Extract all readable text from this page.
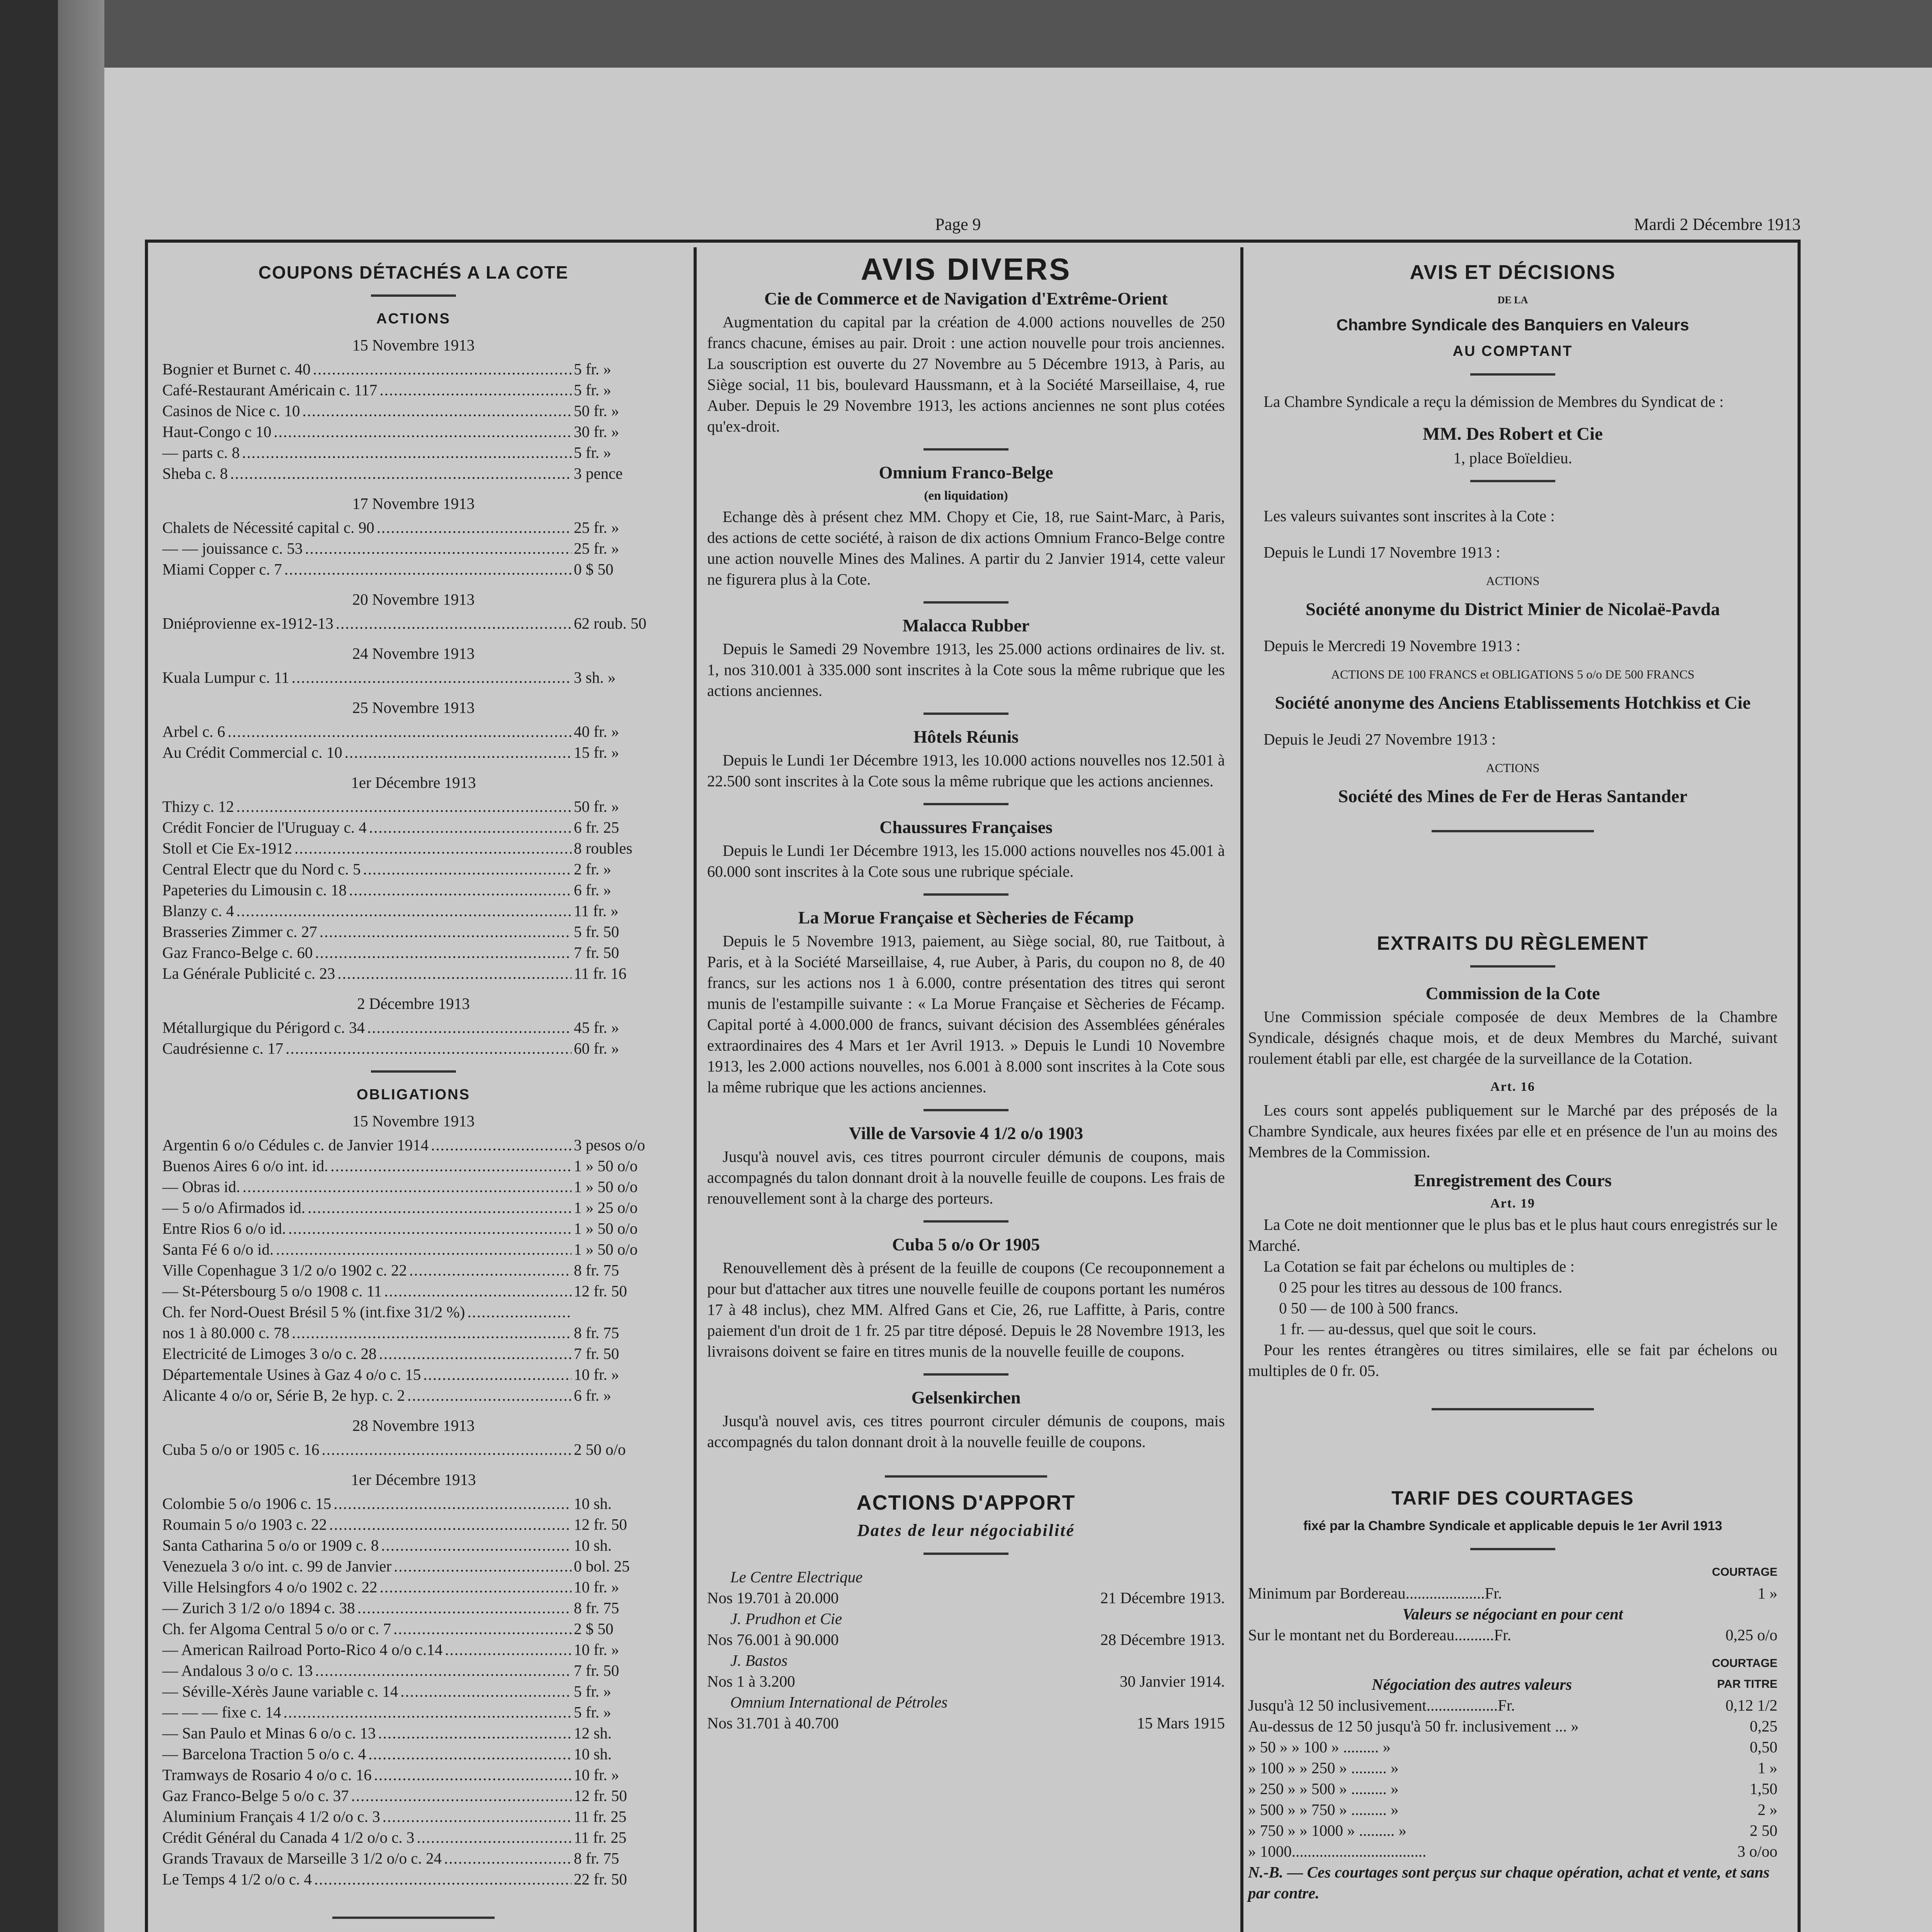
Page 9	Mardi 2 Décembre 1913
COUPONS DÉTACHÉS A LA COTE
ACTIONS
15 Novembre 1913
Bognier et Burnet c. 40 .....	5 fr. »
Café-Restaurant Américain c. 117 .....	5 fr. »
Casinos de Nice c. 10 .....	50 fr. »
Haut-Congo c 10 .....	30 fr. »
— parts c. 8 .....	5 fr. »
Sheba c. 8 .....	3 pence
17 Novembre 1913
Chalets de Nécessité capital c. 90 .....	25 fr. »
— — jouissance c. 53 .....	25 fr. »
Miami Copper c. 7 .....	0 $ 50
20 Novembre 1913
Dniéprovienne ex-1912-13 .....	62 roub. 50
24 Novembre 1913
Kuala Lumpur c. 11 .....	3 sh. »
25 Novembre 1913
Arbel c. 6 .....	40 fr. »
Au Crédit Commercial c. 10 .....	15 fr. »
1er Décembre 1913
Thizy c. 12 .....	50 fr. »
Crédit Foncier de l'Uruguay c. 4 .....	6 fr. 25
Stoll et Cie Ex-1912 .....	8 roubles
Central Electr que du Nord c. 5 .....	2 fr. »
Papeteries du Limousin c. 18 .....	6 fr. »
Blanzy c. 4 .....	11 fr. »
Brasseries Zimmer c. 27 .....	5 fr. 50
Gaz Franco-Belge c. 60 .....	7 fr. 50
La Générale Publicité c. 23 .....	11 fr. 16
2 Décembre 1913
Métallurgique du Périgord c. 34 .....	45 fr. »
Caudrésienne c. 17 .....	60 fr. »
OBLIGATIONS
15 Novembre 1913
Argentin 6 o/o Cédules c. de Janvier 1914 .....	3 pesos o/o
Buenos Aires 6 o/o int. id. .....	1 » 50 o/o
— Obras id. .....	1 » 50 o/o
— 5 o/o Afirmados id. .....	1 » 25 o/o
Entre Rios 6 o/o id. .....	1 » 50 o/o
Santa Fé 6 o/o id. .....	1 » 50 o/o
Ville Copenhague 3 1/2 o/o 1902 c. 22 .....	8 fr. 75
— St-Pétersbourg 5 o/o 1908 c. 11 .....	12 fr. 50
Ch. fer Nord-Ouest Brésil 5 % (int.fixe 31/2 %)
.....
nos 1 à 80.000 c. 78 .....	8 fr. 75
Electricité de Limoges 3 o/o c. 28 .....	7 fr. 50
Départementale Usines à Gaz 4 o/o c. 15 .....	10 fr. »
Alicante 4 o/o or, Série B, 2e hyp. c. 2 .....	6 fr. »
28 Novembre 1913
Cuba 5 o/o or 1905 c. 16 .....	2 50 o/o
1er Décembre 1913
Colombie 5 o/o 1906 c. 15 .....	10 sh.
Roumain 5 o/o 1903 c. 22 .....	12 fr. 50
Santa Catharina 5 o/o or 1909 c. 8 .....	10 sh.
Venezuela 3 o/o int. c. 99 de Janvier .....	0 bol. 25
Ville Helsingfors 4 o/o 1902 c. 22 .....	10 fr. »
— Zurich 3 1/2 o/o 1894 c. 38 .....	8 fr. 75
Ch. fer Algoma Central 5 o/o or c. 7 .....	2 $ 50
— American Railroad Porto-Rico 4 o/o c.14 .....	10 fr. »
— Andalous 3 o/o c. 13 .....	7 fr. 50
— Séville-Xérès Jaune variable c. 14 .....	5 fr. »
— — — fixe c. 14 .....	5 fr. »
— San Paulo et Minas 6 o/o c. 13 .....	12 sh.
— Barcelona Traction 5 o/o c. 4 .....	10 sh.
Tramways de Rosario 4 o/o c. 16 .....	10 fr. »
Gaz Franco-Belge 5 o/o c. 37 .....	12 fr. 50
Aluminium Français 4 1/2 o/o c. 3 .....	11 fr. 25
Crédit Général du Canada 4 1/2 o/o c. 3 .....	11 fr. 25
Grands Travaux de Marseille 3 1/2 o/o c. 24 .....	8 fr. 75
Le Temps 4 1/2 o/o c. 4 .....	22 fr. 50
AVIS DIVERS
Cie de Commerce et de Navigation d'Extrême-Orient
Augmentation du capital par la création de 4.000 actions nouvelles de 250 francs chacune, émises au pair. Droit : une action nouvelle pour trois anciennes. La souscription est ouverte du 27 Novembre au 5 Décembre 1913, à Paris, au Siège social, 11 bis, boulevard Haussmann, et à la Société Marseillaise, 4, rue Auber. Depuis le 29 Novembre 1913, les actions anciennes ne sont plus cotées qu'ex-droit.
Omnium Franco-Belge
(en liquidation)
Echange dès à présent chez MM. Chopy et Cie, 18, rue Saint-Marc, à Paris, des actions de cette société, à raison de dix actions Omnium Franco-Belge contre une action nouvelle Mines des Malines. A partir du 2 Janvier 1914, cette valeur ne figurera plus à la Cote.
Malacca Rubber
Depuis le Samedi 29 Novembre 1913, les 25.000 actions ordinaires de liv. st. 1, nos 310.001 à 335.000 sont inscrites à la Cote sous la même rubrique que les actions anciennes.
Hôtels Réunis
Depuis le Lundi 1er Décembre 1913, les 10.000 actions nouvelles nos 12.501 à 22.500 sont inscrites à la Cote sous la même rubrique que les actions anciennes.
Chaussures Françaises
Depuis le Lundi 1er Décembre 1913, les 15.000 actions nouvelles nos 45.001 à 60.000 sont inscrites à la Cote sous une rubrique spéciale.
La Morue Française et Sècheries de Fécamp
Depuis le 5 Novembre 1913, paiement, au Siège social, 80, rue Taitbout, à Paris, et à la Société Marseillaise, 4, rue Auber, à Paris, du coupon no 8, de 40 francs, sur les actions nos 1 à 6.000, contre présentation des titres qui seront munis de l'estampille suivante : « La Morue Française et Sècheries de Fécamp. Capital porté à 4.000.000 de francs, suivant décision des Assemblées générales extraordinaires des 4 Mars et 1er Avril 1913. » Depuis le Lundi 10 Novembre 1913, les 2.000 actions nouvelles, nos 6.001 à 8.000 sont inscrites à la Cote sous la même rubrique que les actions anciennes.
Ville de Varsovie 4 1/2 o/o 1903
Jusqu'à nouvel avis, ces titres pourront circuler démunis de coupons, mais accompagnés du talon donnant droit à la nouvelle feuille de coupons. Les frais de renouvellement sont à la charge des porteurs.
Cuba 5 o/o Or 1905
Renouvellement dès à présent de la feuille de coupons (Ce recouponnement a pour but d'attacher aux titres une nouvelle feuille de coupons portant les numéros 17 à 48 inclus), chez MM. Alfred Gans et Cie, 26, rue Laffitte, à Paris, contre paiement d'un droit de 1 fr. 25 par titre déposé. Depuis le 28 Novembre 1913, les livraisons doivent se faire en titres munis de la nouvelle feuille de coupons.
Gelsenkirchen
Jusqu'à nouvel avis, ces titres pourront circuler démunis de coupons, mais accompagnés du talon donnant droit à la nouvelle feuille de coupons.
ACTIONS D'APPORT
Dates de leur négociabilité
Le Centre Electrique
Nos 19.701 à 20.000	21 Décembre 1913.
J. Prudhon et Cie
Nos 76.001 à 90.000	28 Décembre 1913.
J. Bastos
Nos 1 à 3.200	30 Janvier 1914.
Omnium International de Pétroles
Nos 31.701 à 40.700	15 Mars 1915
AVIS ET DÉCISIONS
DE LA
Chambre Syndicale des Banquiers en Valeurs
AU COMPTANT
La Chambre Syndicale a reçu la démission de Membres du Syndicat de :
MM. Des Robert et Cie
1, place Boïeldieu.
Les valeurs suivantes sont inscrites à la Cote :
Depuis le Lundi 17 Novembre 1913 :
ACTIONS
Société anonyme du District Minier de Nicolaë-Pavda
Depuis le Mercredi 19 Novembre 1913 :
ACTIONS DE 100 FRANCS et OBLIGATIONS 5 o/o DE 500 FRANCS
Société anonyme des Anciens Etablissements Hotchkiss et Cie
Depuis le Jeudi 27 Novembre 1913 :
ACTIONS
Société des Mines de Fer de Heras Santander
EXTRAITS DU RÈGLEMENT
Commission de la Cote
Une Commission spéciale composée de deux Membres de la Chambre Syndicale, désignés chaque mois, et de deux Membres du Marché, suivant roulement établi par elle, est chargée de la surveillance de la Cotation.
Art. 16
Les cours sont appelés publiquement sur le Marché par des préposés de la Chambre Syndicale, aux heures fixées par elle et en présence de l'un au moins des Membres de la Commission.
Enregistrement des Cours
Art. 19
La Cote ne doit mentionner que le plus bas et le plus haut cours enregistrés sur le Marché.
La Cotation se fait par échelons ou multiples de :
0 25 pour les titres au dessous de 100 francs.
0 50 — de 100 à 500 francs.
1 fr. — au-dessus, quel que soit le cours.
Pour les rentes étrangères ou titres similaires, elle se fait par échelons ou multiples de 0 fr. 05.
TARIF DES COURTAGES
fixé par la Chambre Syndicale et applicable depuis le 1er Avril 1913
COURTAGE
Minimum par Bordereau....................Fr.	1 »
Valeurs se négociant en pour cent
Sur le montant net du Bordereau..........Fr.	0,25 o/o
Négociation des autres valeurs
COURTAGE PAR TITRE
Jusqu'à 12 50 inclusivement..................Fr.	0,12 1/2
Au-dessus de 12 50 jusqu'à 50 fr. inclusivement ... »	0,25
» 50 » » 100 » ......... »	0,50
» 100 » » 250 » ......... »	1 »
» 250 » » 500 » ......... »	1,50
» 500 » » 750 » ......... »	2 »
» 750 » » 1000 » ......... »	2 50
» 1000..................................	3 o/oo
N.-B. — Ces courtages sont perçus sur chaque opération, achat et vente, et sans par contre.
